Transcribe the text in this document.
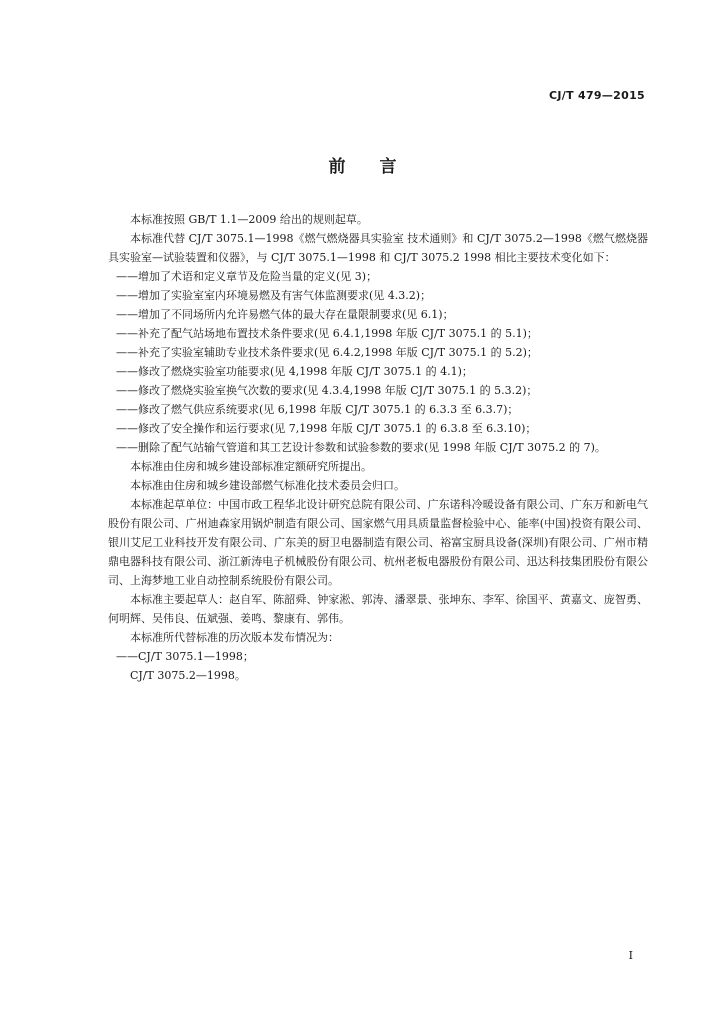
CJ/T 479—2015
前言

本标准按照 GB/T 1.1—2009 给出的规则起草。

本标准代替 CJ/T 3075.1—1998《燃气燃烧器具实验室 技术通则》和 CJ/T 3075.2—1998《燃气燃烧器具实验室—试验装置和仪器》，与 CJ/T 3075.1—1998 和 CJ/T 3075.2 1998 相比主要技术变化如下：

——增加了术语和定义章节及危险当量的定义(见 3)；

——增加了实验室室内环境易燃及有害气体监测要求(见 4.3.2)；

——增加了不同场所内允许易燃气体的最大存在量限制要求(见 6.1)；

——补充了配气站场地布置技术条件要求(见 6.4.1,1998 年版 CJ/T 3075.1 的 5.1)；

——补充了实验室辅助专业技术条件要求(见 6.4.2,1998 年版 CJ/T 3075.1 的 5.2)；

——修改了燃烧实验室功能要求(见 4,1998 年版 CJ/T 3075.1 的 4.1)；

——修改了燃烧实验室换气次数的要求(见 4.3.4,1998 年版 CJ/T 3075.1 的 5.3.2)；

——修改了燃气供应系统要求(见 6,1998 年版 CJ/T 3075.1 的 6.3.3 至 6.3.7)；

——修改了安全操作和运行要求(见 7,1998 年版 CJ/T 3075.1 的 6.3.8 至 6.3.10)；

——删除了配气站输气管道和其工艺设计参数和试验参数的要求(见 1998 年版 CJ/T 3075.2 的 7)。

本标准由住房和城乡建设部标准定额研究所提出。

本标准由住房和城乡建设部燃气标准化技术委员会归口。

本标准起草单位：中国市政工程华北设计研究总院有限公司、广东诺科冷暖设备有限公司、广东万和新电气股份有限公司、广州迪森家用锅炉制造有限公司、国家燃气用具质量监督检验中心、能率(中国)投资有限公司、银川艾尼工业科技开发有限公司、广东美的厨卫电器制造有限公司、裕富宝厨具设备(深圳)有限公司、广州市精鼎电器科技有限公司、浙江新涛电子机械股份有限公司、杭州老板电器股份有限公司、迅达科技集团股份有限公司、上海梦地工业自动控制系统股份有限公司。

本标准主要起草人：赵自军、陈韶舜、钟家淞、郭涛、潘翠景、张坤东、李军、徐国平、黄嘉文、庞智勇、何明辉、吴伟良、伍斌强、姜鸣、黎康有、郭伟。

本标准所代替标准的历次版本发布情况为：

——CJ/T 3075.1—1998；

CJ/T 3075.2—1998。

I
